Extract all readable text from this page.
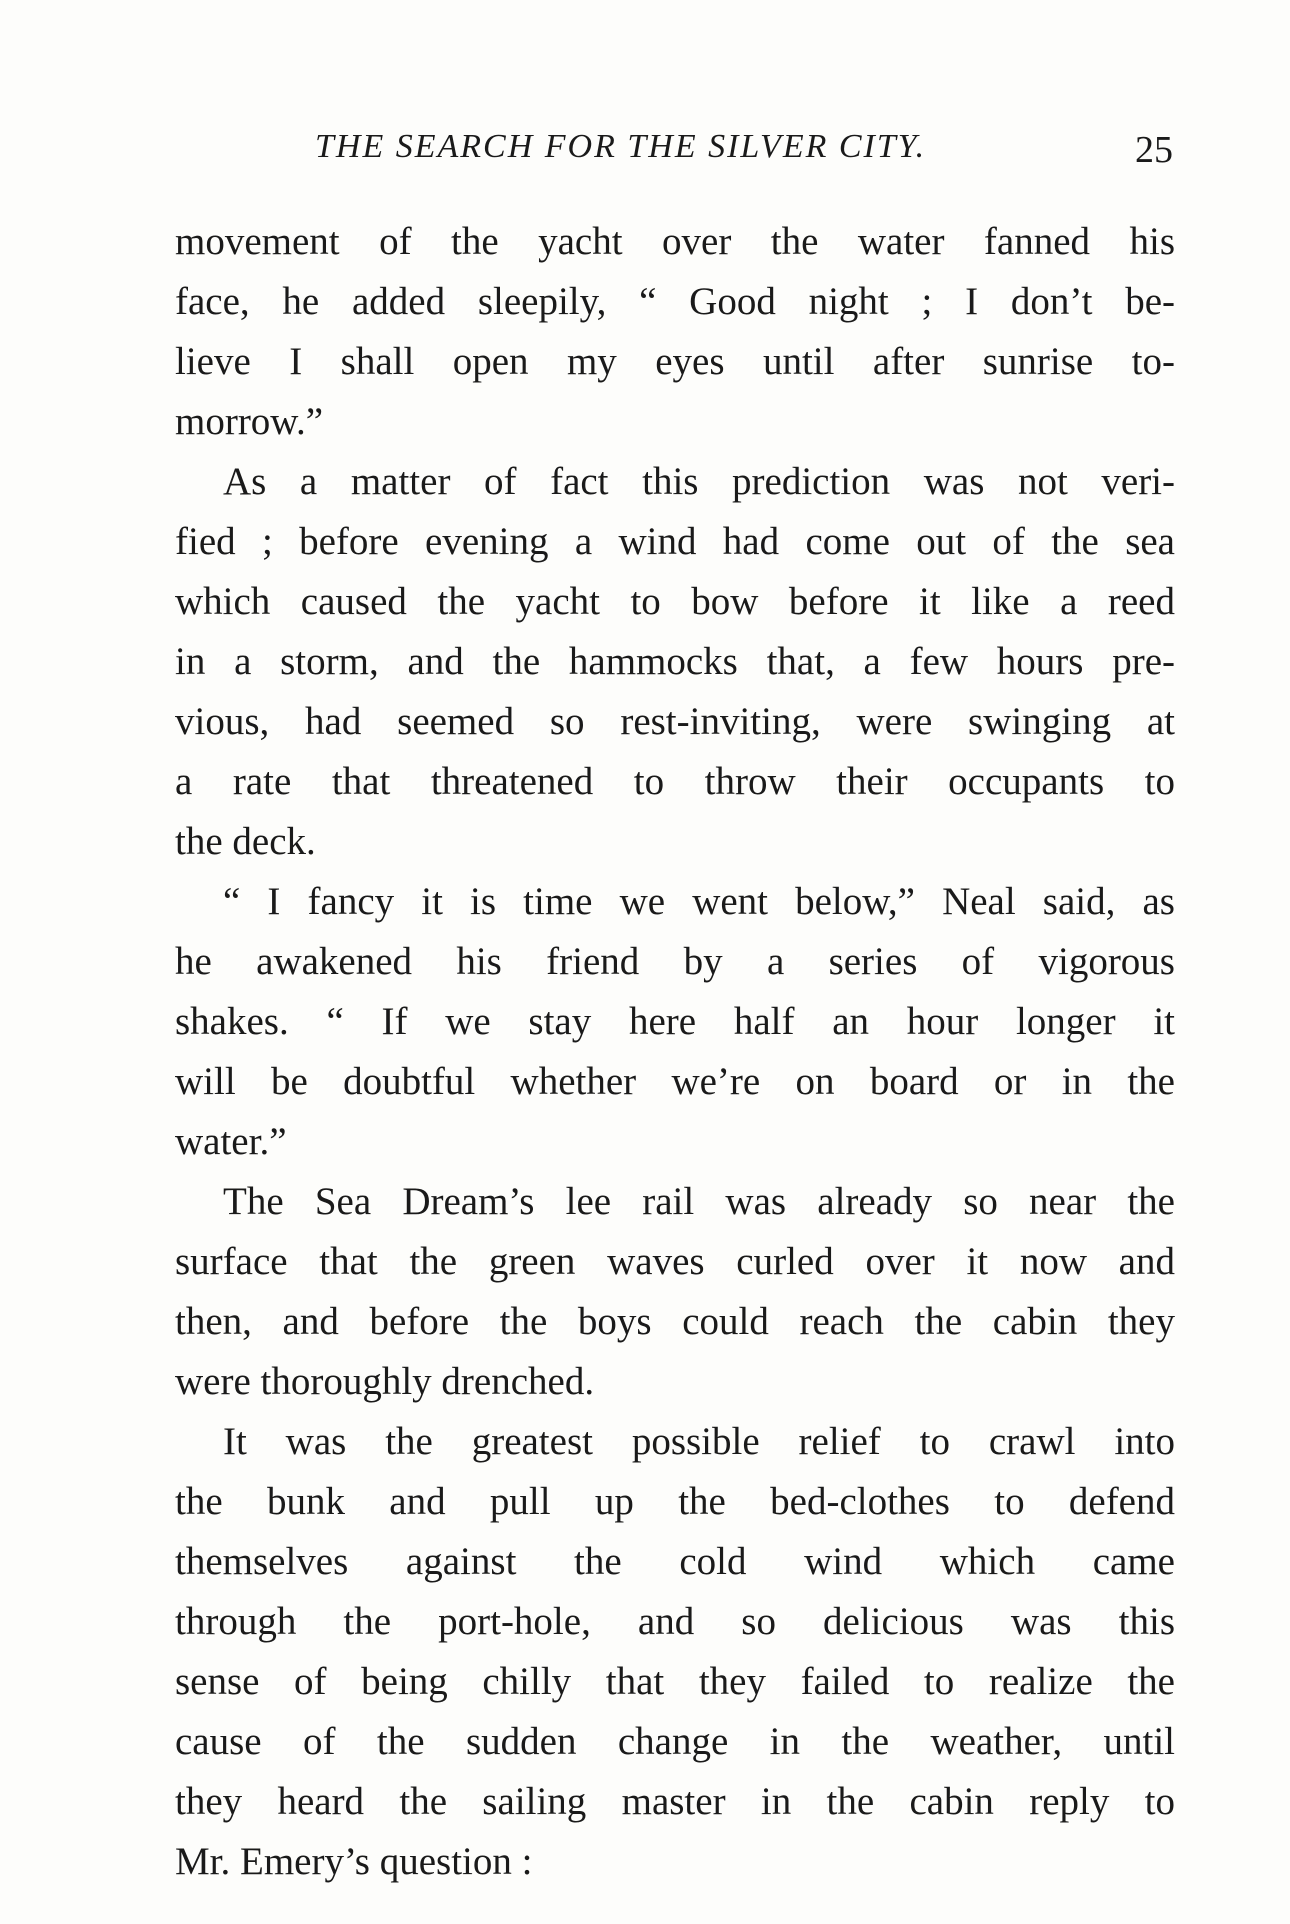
THE SEARCH FOR THE SILVER CITY.	25
movement of the yacht over the water fanned his
face, he added sleepily, “ Good night ; I don’t be-
lieve I shall open my eyes until after sunrise to-
morrow.”
As a matter of fact this prediction was not veri-
fied ; before evening a wind had come out of the sea
which caused the yacht to bow before it like a reed
in a storm, and the hammocks that, a few hours pre-
vious, had seemed so rest-inviting, were swinging at
a rate that threatened to throw their occupants to
the deck.
“ I fancy it is time we went below,” Neal said, as
he awakened his friend by a series of vigorous
shakes. “ If we stay here half an hour longer it
will be doubtful whether we’re on board or in the
water.”
The Sea Dream’s lee rail was already so near the
surface that the green waves curled over it now and
then, and before the boys could reach the cabin they
were thoroughly drenched.
It was the greatest possible relief to crawl into
the bunk and pull up the bed-clothes to defend
themselves against the cold wind which came
through the port-hole, and so delicious was this
sense of being chilly that they failed to realize the
cause of the sudden change in the weather, until
they heard the sailing master in the cabin reply to
Mr. Emery’s question :
